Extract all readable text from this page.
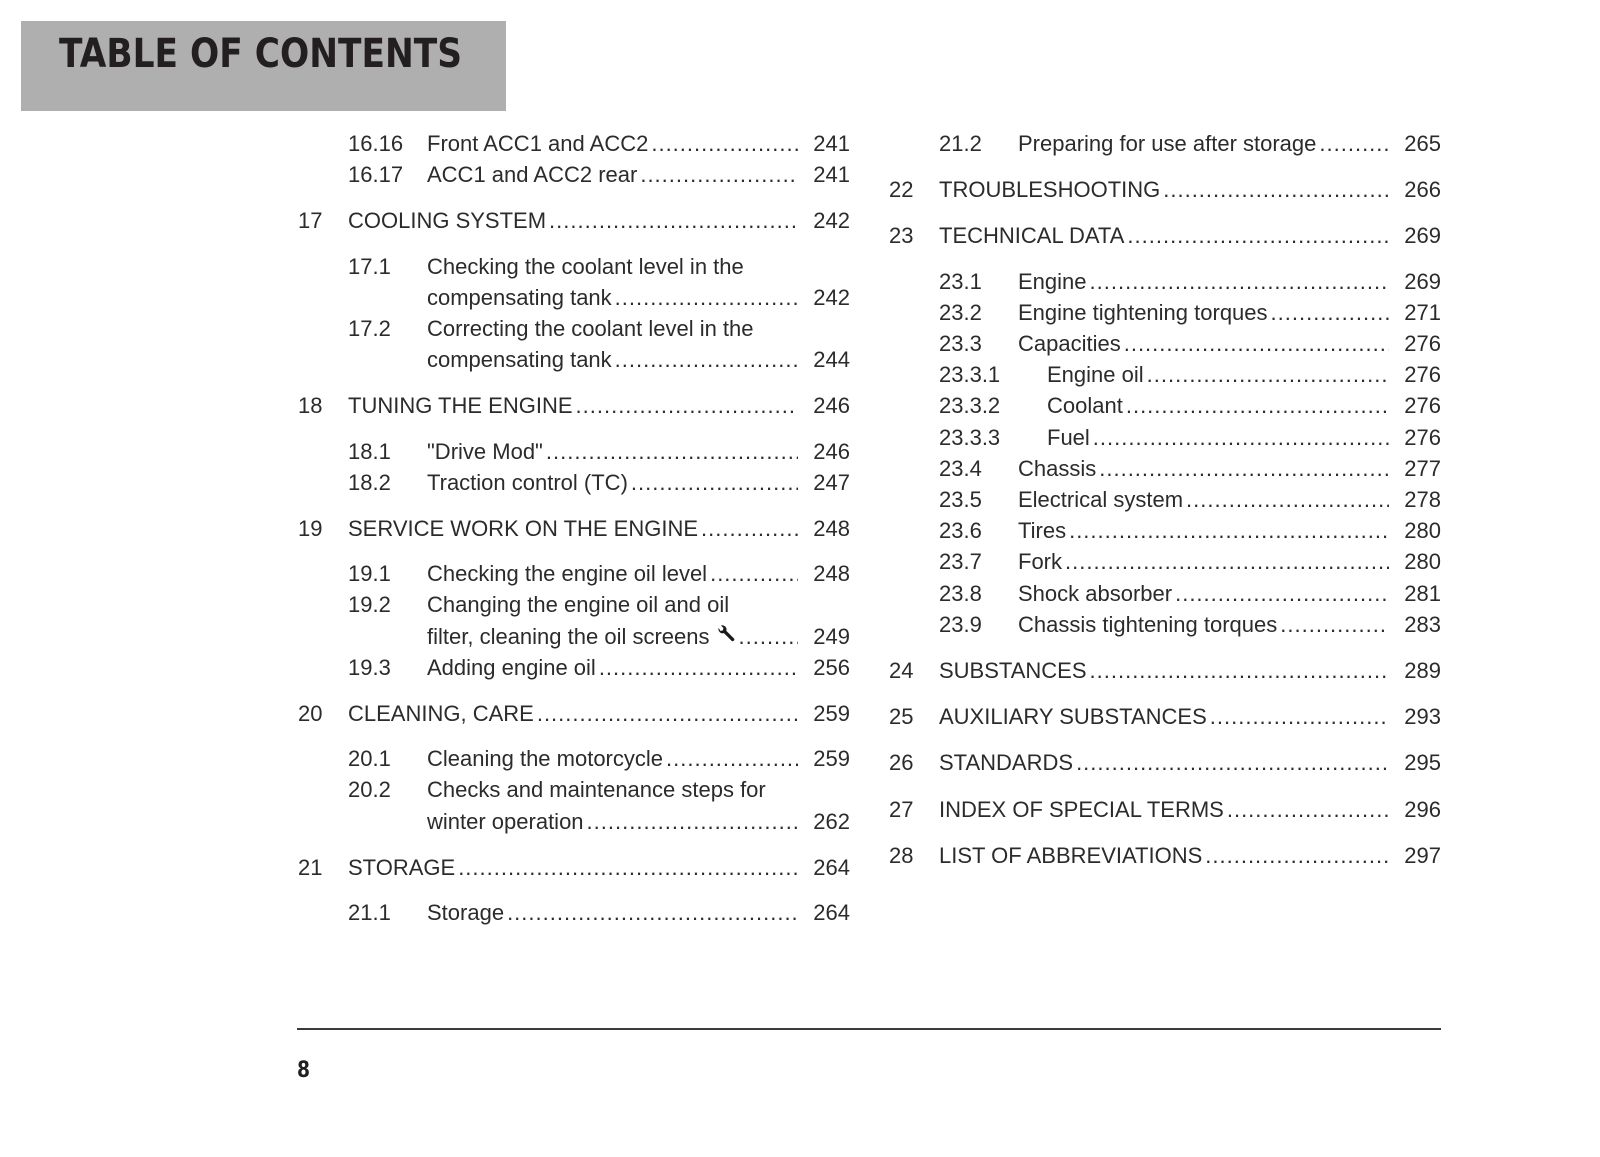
TABLE OF CONTENTS
16.16 Front ACC1 and ACC2 .....	241
16.17 ACC1 and ACC2 rear .....	241
17 COOLING SYSTEM .....	242
17.1 Checking the coolant level in the
compensating tank .....	242
17.2 Correcting the coolant level in the
compensating tank .....	244
18 TUNING THE ENGINE .....	246
18.1 "Drive Mod" .....	246
18.2 Traction control (TC) .....	247
19 SERVICE WORK ON THE ENGINE .....	248
19.1 Checking the engine oil level .....	248
19.2 Changing the engine oil and oil
filter, cleaning the oil screens .....	249
19.3 Adding engine oil .....	256
20 CLEANING, CARE .....	259
20.1 Cleaning the motorcycle .....	259
20.2 Checks and maintenance steps for
winter operation .....	262
21 STORAGE .....	264
21.1 Storage .....	264
21.2 Preparing for use after storage .....	265
22 TROUBLESHOOTING .....	266
23 TECHNICAL DATA .....	269
23.1 Engine .....	269
23.2 Engine tightening torques .....	271
23.3 Capacities .....	276
23.3.1 Engine oil .....	276
23.3.2 Coolant .....	276
23.3.3 Fuel .....	276
23.4 Chassis .....	277
23.5 Electrical system .....	278
23.6 Tires .....	280
23.7 Fork .....	280
23.8 Shock absorber .....	281
23.9 Chassis tightening torques .....	283
24 SUBSTANCES .....	289
25 AUXILIARY SUBSTANCES .....	293
26 STANDARDS .....	295
27 INDEX OF SPECIAL TERMS .....	296
28 LIST OF ABBREVIATIONS .....	297
8
